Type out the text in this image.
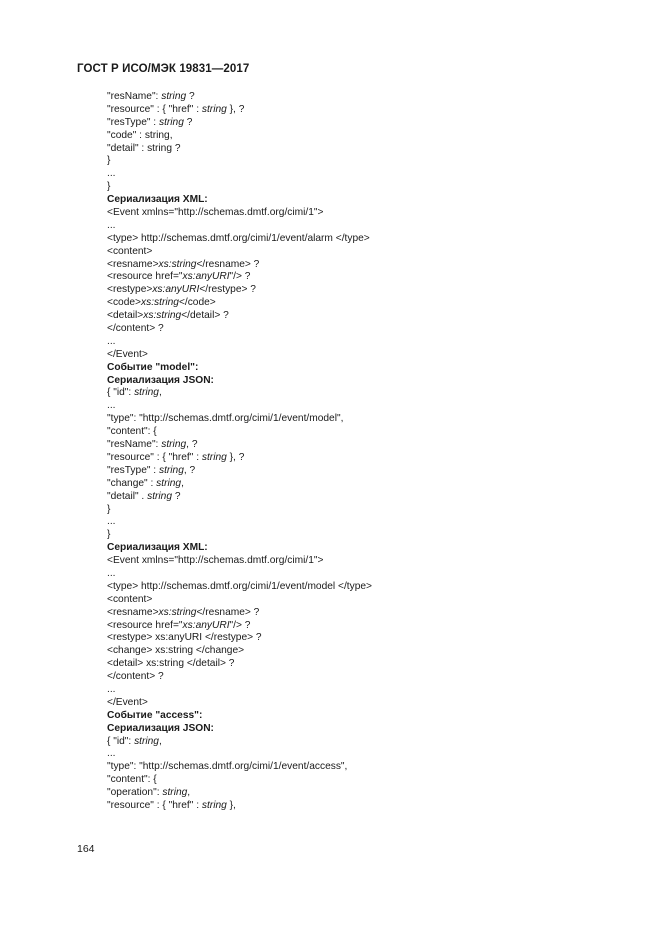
ГОСТ Р ИСО/МЭК 19831—2017
"resName": string ?
"resource" : { "href" : string }, ?
"resType" : string ?
"code" : string,
"detail" : string ?
}
...
}
Сериализация XML:
<Event xmlns="http://schemas.dmtf.org/cimi/1">
...
<type> http://schemas.dmtf.org/cimi/1/event/alarm </type>
<content>
<resname>xs:string</resname> ?
<resource href="xs:anyURI"/> ?
<restype>xs:anyURI</restype> ?
<code>xs:string</code>
<detail>xs:string</detail> ?
</content> ?
...
</Event>
Событие "model":
Сериализация JSON:
{ "id": string,
...
"type": "http://schemas.dmtf.org/cimi/1/event/model",
"content": {
"resName": string, ?
"resource" : { "href" : string }, ?
"resType" : string, ?
"change" : string,
"detail" . string ?
}
...
}
Сериализация XML:
<Event xmlns="http://schemas.dmtf.org/cimi/1">
...
<type> http://schemas.dmtf.org/cimi/1/event/model </type>
<content>
<resname>xs:string</resname> ?
<resource href="xs:anyURI"/> ?
<restype> xs:anyURI </restype> ?
<change> xs:string </change>
<detail> xs:string </detail> ?
</content> ?
...
</Event>
Событие "access":
Сериализация JSON:
{ "id": string,
...
"type": "http://schemas.dmtf.org/cimi/1/event/access",
"content": {
"operation": string,
"resource" : { "href" : string },
164
